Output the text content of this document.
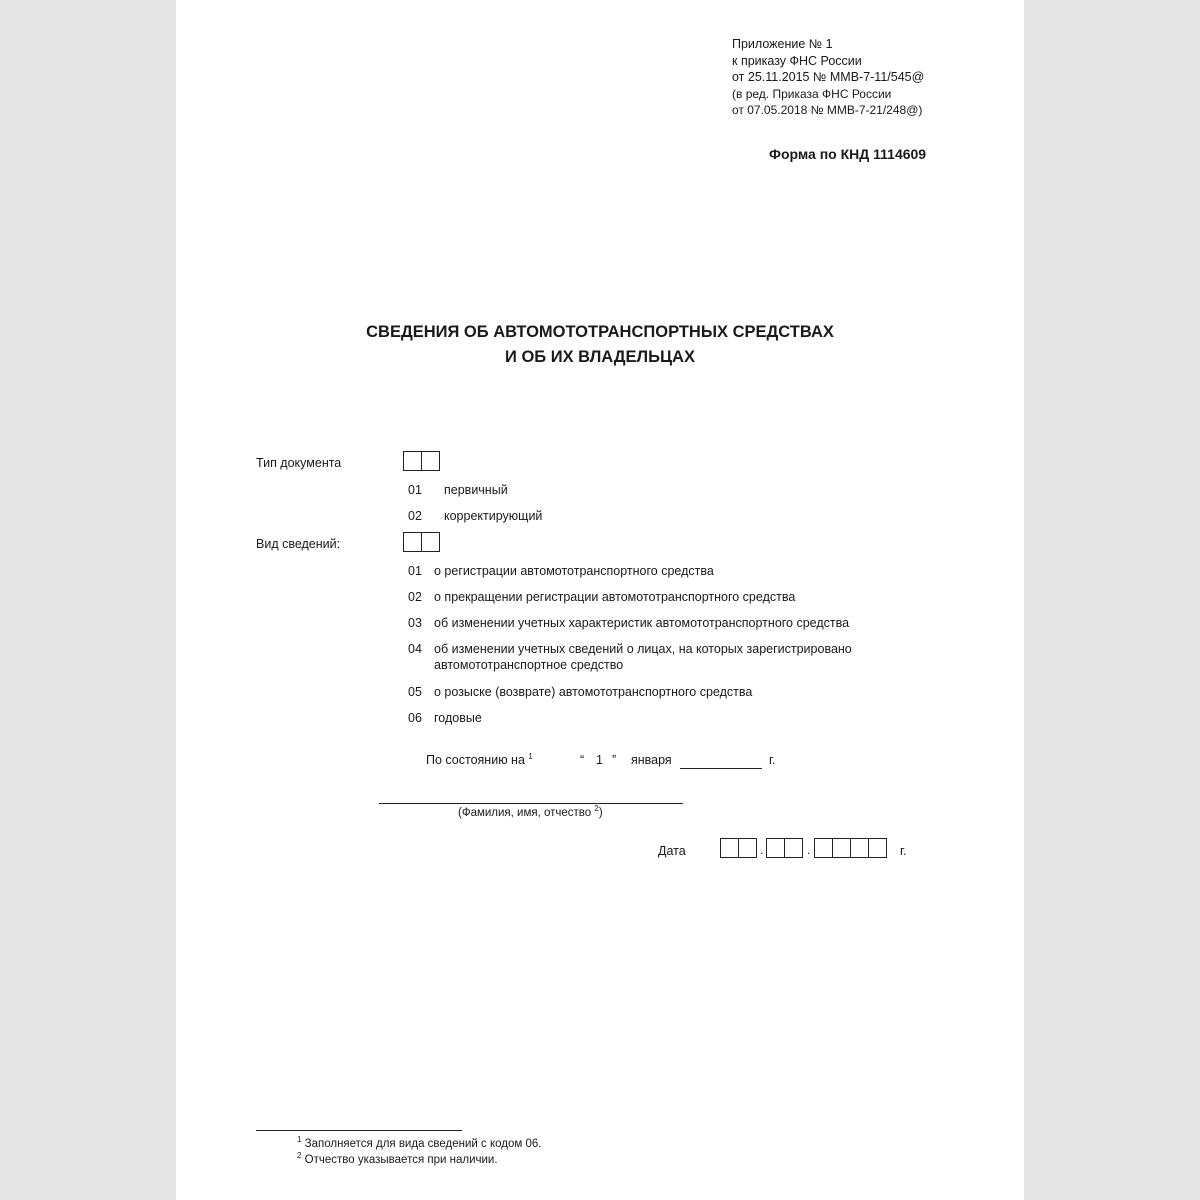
Приложение № 1
к приказу ФНС России
от 25.11.2015 № ММВ-7-11/545@
(в ред. Приказа ФНС России
от 07.05.2018 № ММВ-7-21/248@)
Форма по КНД 1114609
СВЕДЕНИЯ ОБ АВТОМОТОТРАНСПОРТНЫХ СРЕДСТВАХ
И ОБ ИХ ВЛАДЕЛЬЦАХ
Тип документа
01 первичный
02 корректирующий
Вид сведений:
01 о регистрации автомототранспортного средства
02 о прекращении регистрации автомототранспортного средства
03 об изменении учетных характеристик автомототранспортного средства
04 об изменении учетных сведений о лицах, на которых зарегистрировано
автомототранспортное средство
05 о розыске (возврате) автомототранспортного средства
06 годовые
По состоянию на $^1$	“ 1 ” января	г.
(Фамилия, имя, отчество $^2$)
Дата	.	.	г.
$^1$ Заполняется для вида сведений с кодом 06.
$^2$ Отчество указывается при наличии.
